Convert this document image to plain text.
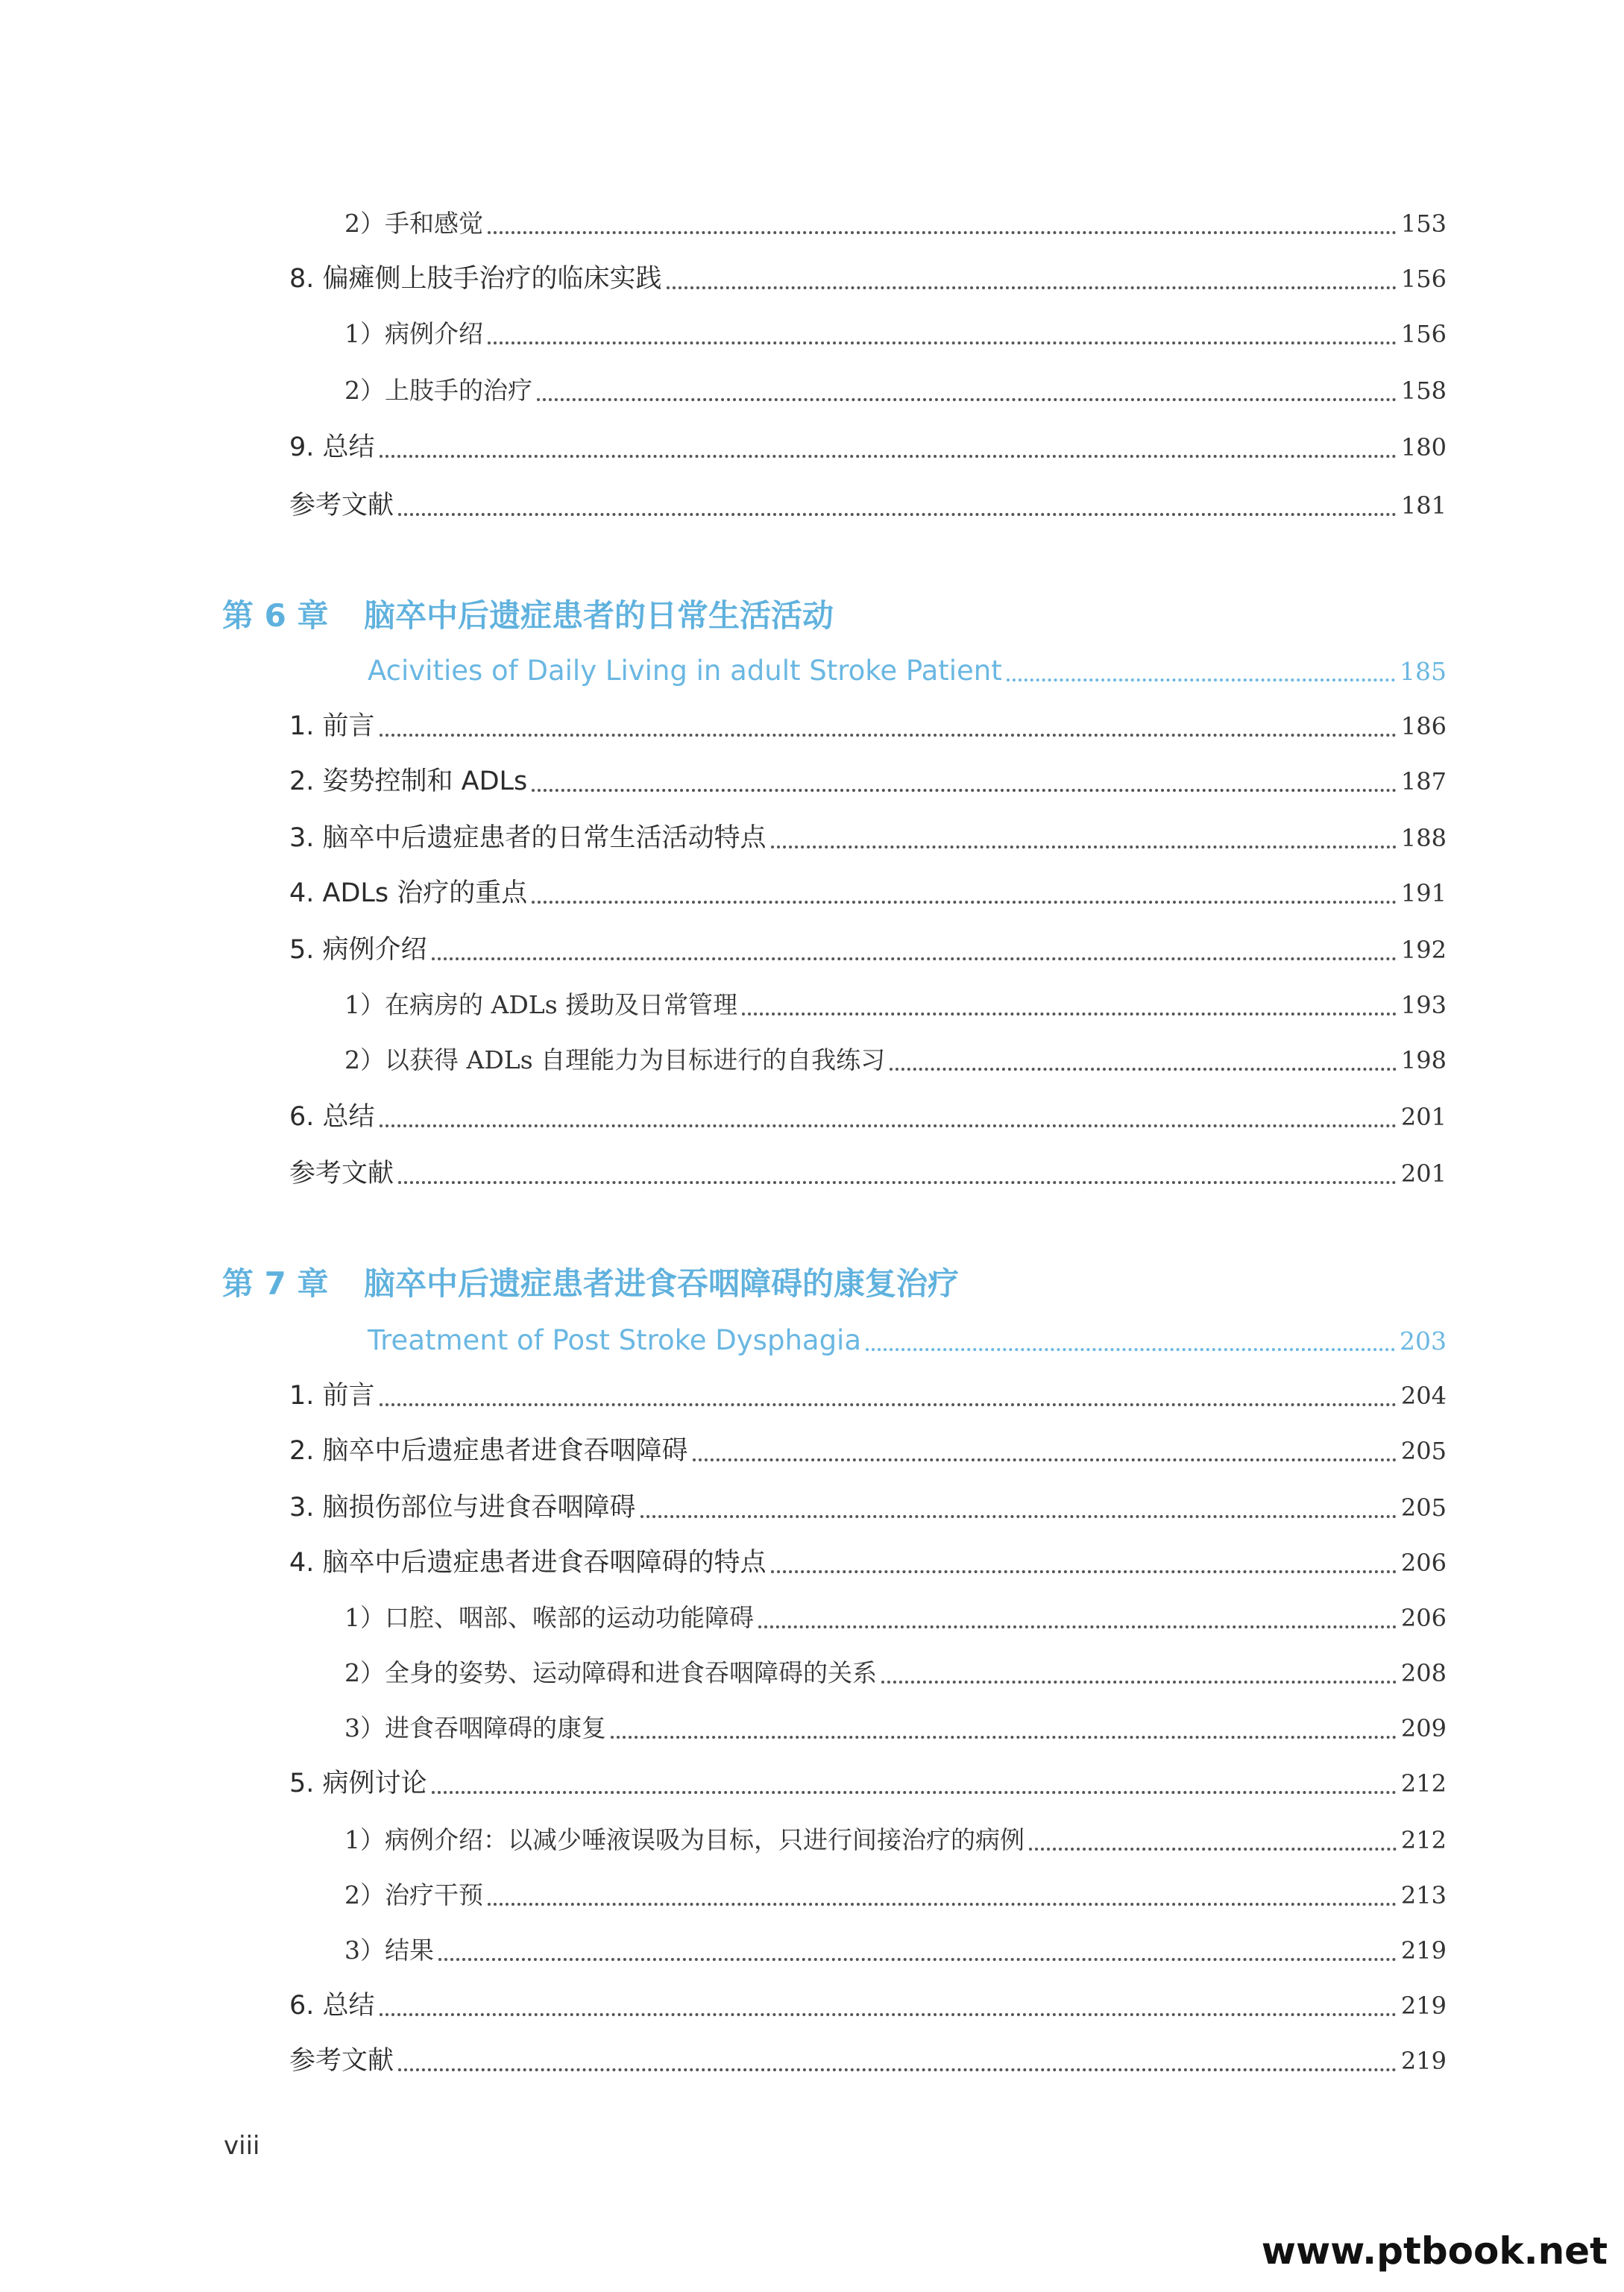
2）手和感觉	153
8. 偏瘫侧上肢手治疗的临床实践	156
1）病例介绍	156
2）上肢手的治疗	158
9. 总结	180
参考文献	181
第 6 章 脑卒中后遗症患者的日常生活活动
Acivities of Daily Living in adult Stroke Patient	185
1. 前言	186
2. 姿势控制和 ADLs	187
3. 脑卒中后遗症患者的日常生活活动特点	188
4. ADLs 治疗的重点	191
5. 病例介绍	192
1）在病房的 ADLs 援助及日常管理	193
2）以获得 ADLs 自理能力为目标进行的自我练习	198
6. 总结	201
参考文献	201
第 7 章 脑卒中后遗症患者进食吞咽障碍的康复治疗
Treatment of Post Stroke Dysphagia	203
1. 前言	204
2. 脑卒中后遗症患者进食吞咽障碍	205
3. 脑损伤部位与进食吞咽障碍	205
4. 脑卒中后遗症患者进食吞咽障碍的特点	206
1）口腔、咽部、喉部的运动功能障碍	206
2）全身的姿势、运动障碍和进食吞咽障碍的关系	208
3）进食吞咽障碍的康复	209
5. 病例讨论	212
1）病例介绍：以减少唾液误吸为目标，只进行间接治疗的病例	212
2）治疗干预	213
3）结果	219
6. 总结	219
参考文献	219
viii
www.ptbook.net
